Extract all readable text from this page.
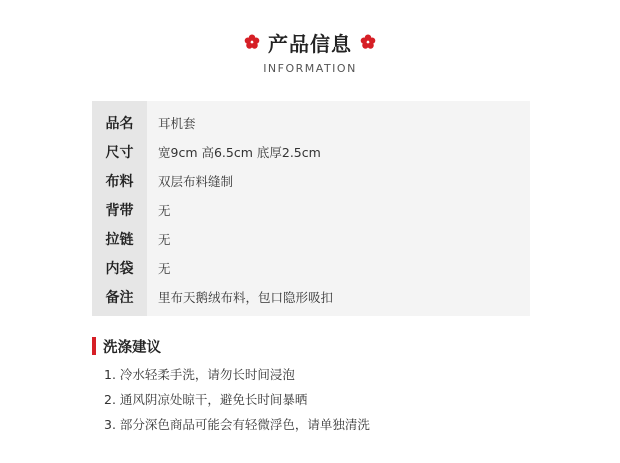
产品信息
INFORMATION
品名	耳机套
尺寸	宽9cm 高6.5cm 底厚2.5cm
布料	双层布料缝制
背带	无
拉链	无
内袋	无
备注	里布天鹅绒布料，包口隐形吸扣
洗涤建议
1. 冷水轻柔手洗，请勿长时间浸泡
2. 通风阴凉处晾干，避免长时间暴晒
3. 部分深色商品可能会有轻微浮色，请单独清洗
